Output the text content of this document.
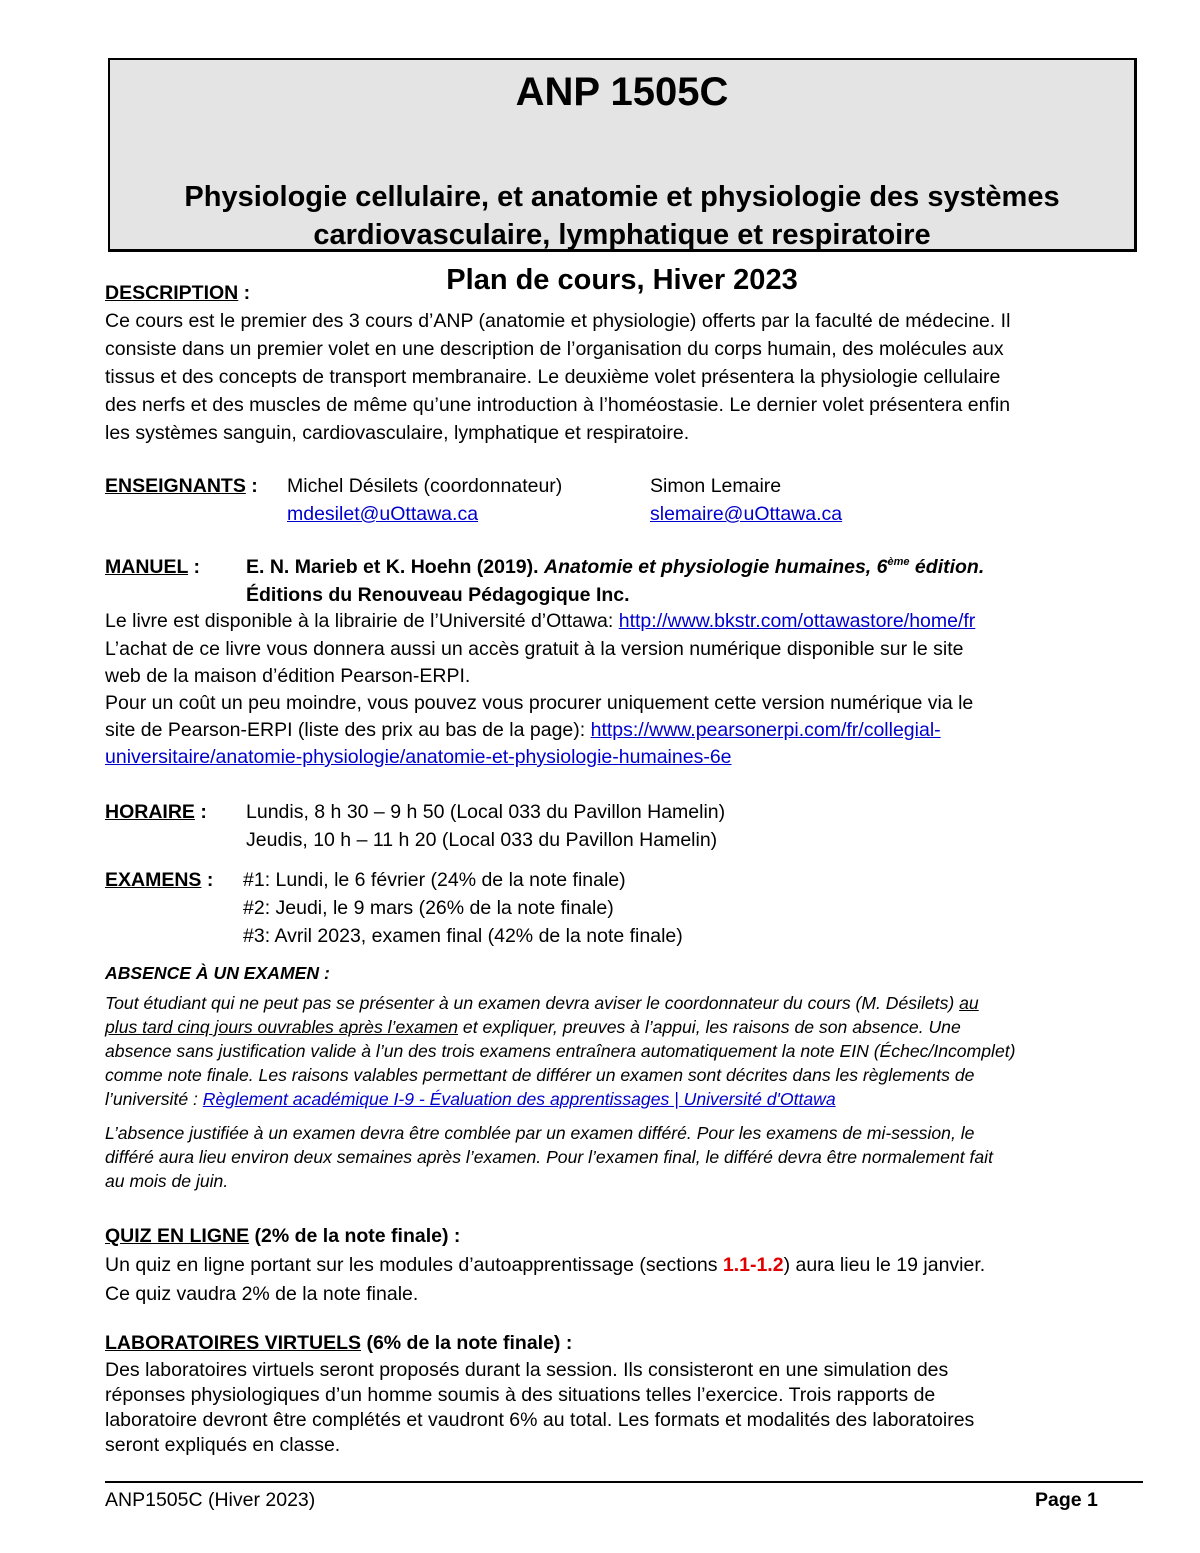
ANP 1505C
Physiologie cellulaire, et anatomie et physiologie des systèmes
cardiovasculaire, lymphatique et respiratoire
Plan de cours, Hiver 2023
DESCRIPTION :
Ce cours est le premier des 3 cours d’ANP (anatomie et physiologie) offerts par la faculté de médecine. Il
consiste dans un premier volet en une description de l’organisation du corps humain, des molécules aux
tissus et des concepts de transport membranaire. Le deuxième volet présentera la physiologie cellulaire
des nerfs et des muscles de même qu’une introduction à l’homéostasie. Le dernier volet présentera enfin
les systèmes sanguin, cardiovasculaire, lymphatique et respiratoire.
ENSEIGNANTS : Michel Désilets (coordonnateur)
mdesilet@uOttawa.ca
Simon Lemaire
slemaire@uOttawa.ca
MANUEL : E. N. Marieb et K. Hoehn (2019). Anatomie et physiologie humaines, 6ème édition.
Éditions du Renouveau Pédagogique Inc.
Le livre est disponible à la librairie de l’Université d’Ottawa: http://www.bkstr.com/ottawastore/home/fr
L’achat de ce livre vous donnera aussi un accès gratuit à la version numérique disponible sur le site
web de la maison d’édition Pearson-ERPI.
Pour un coût un peu moindre, vous pouvez vous procurer uniquement cette version numérique via le
site de Pearson-ERPI (liste des prix au bas de la page): https://www.pearsonerpi.com/fr/collegial-
universitaire/anatomie-physiologie/anatomie-et-physiologie-humaines-6e
HORAIRE : Lundis, 8 h 30 – 9 h 50 (Local 033 du Pavillon Hamelin)
Jeudis, 10 h – 11 h 20 (Local 033 du Pavillon Hamelin)
EXAMENS : #1: Lundi, le 6 février (24% de la note finale)
#2: Jeudi, le 9 mars (26% de la note finale)
#3: Avril 2023, examen final (42% de la note finale)
ABSENCE À UN EXAMEN :
Tout étudiant qui ne peut pas se présenter à un examen devra aviser le coordonnateur du cours (M. Désilets) au
plus tard cinq jours ouvrables après l’examen et expliquer, preuves à l’appui, les raisons de son absence. Une
absence sans justification valide à l’un des trois examens entraînera automatiquement la note EIN (Échec/Incomplet)
comme note finale. Les raisons valables permettant de différer un examen sont décrites dans les règlements de
l’université : Règlement académique I-9 - Évaluation des apprentissages | Université d'Ottawa
L’absence justifiée à un examen devra être comblée par un examen différé. Pour les examens de mi-session, le
différé aura lieu environ deux semaines après l’examen. Pour l’examen final, le différé devra être normalement fait
au mois de juin.
QUIZ EN LIGNE (2% de la note finale) :
Un quiz en ligne portant sur les modules d’autoapprentissage (sections 1.1-1.2) aura lieu le 19 janvier.
Ce quiz vaudra 2% de la note finale.
LABORATOIRES VIRTUELS (6% de la note finale) :
Des laboratoires virtuels seront proposés durant la session. Ils consisteront en une simulation des
réponses physiologiques d’un homme soumis à des situations telles l’exercice. Trois rapports de
laboratoire devront être complétés et vaudront 6% au total. Les formats et modalités des laboratoires
seront expliqués en classe.
ANP1505C (Hiver 2023)	Page 1
